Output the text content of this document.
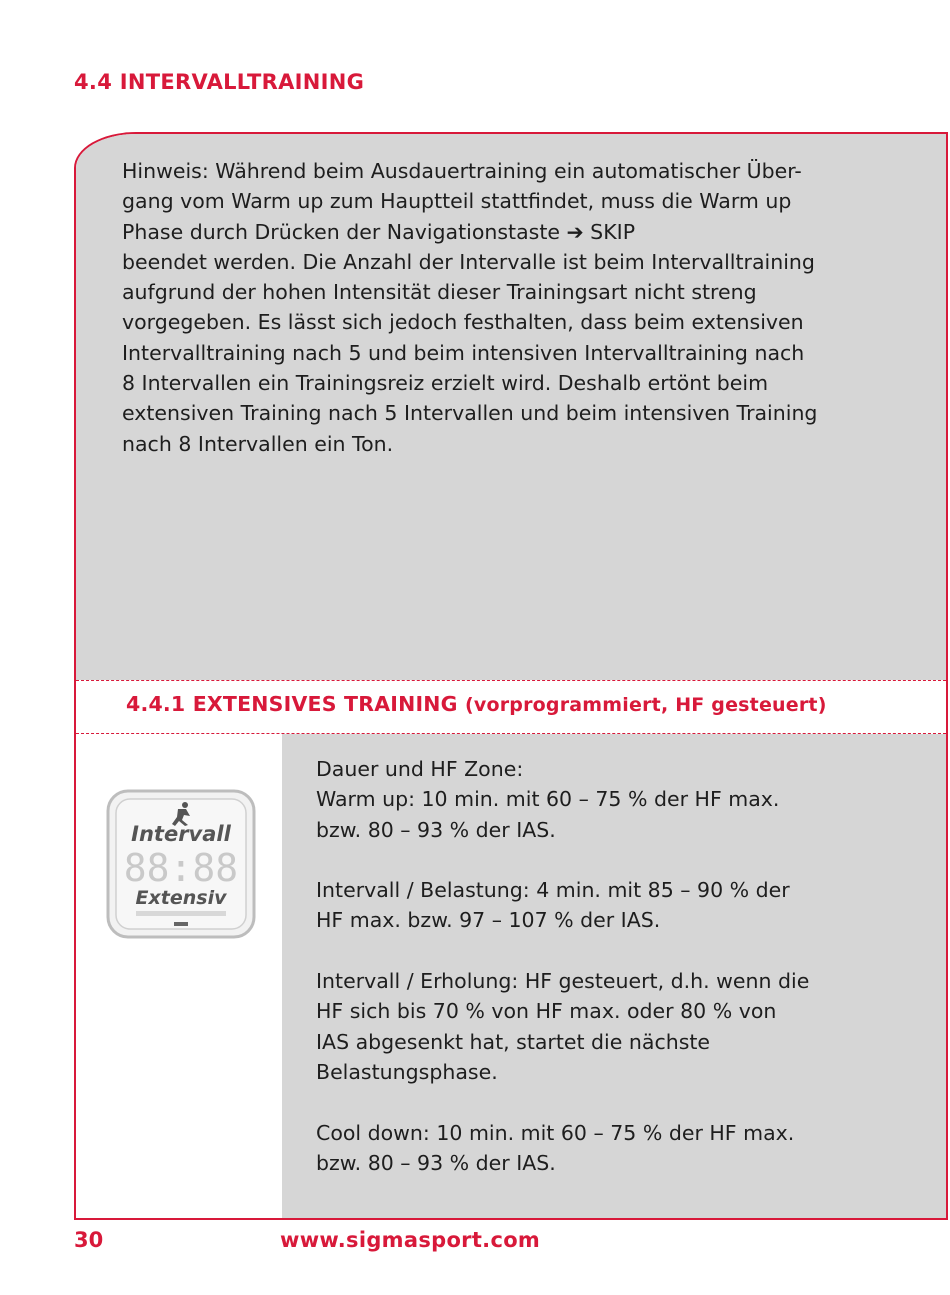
4.4 INTERVALLTRAINING

Hinweis: Während beim Ausdauertraining ein automatischer Über-
gang vom Warm up zum Hauptteil stattfindet, muss die Warm up
Phase durch Drücken der Navigationstaste ➔ SKIP
beendet werden. Die Anzahl der Intervalle ist beim Intervalltraining
aufgrund der hohen Intensität dieser Trainingsart nicht streng
vorgegeben. Es lässt sich jedoch festhalten, dass beim extensiven
Intervalltraining nach 5 und beim intensiven Intervalltraining nach
8 Intervallen ein Trainingsreiz erzielt wird. Deshalb ertönt beim
extensiven Training nach 5 Intervallen und beim intensiven Training
nach 8 Intervallen ein Ton.

4.4.1 EXTENSIVES TRAINING (vorprogrammiert, HF gesteuert)
Intervall
88:88
Extensiv
Dauer und HF Zone:
Warm up: 10 min. mit 60 – 75 % der HF max.
bzw. 80 – 93 % der IAS.
Intervall / Belastung: 4 min. mit 85 – 90 % der
HF max. bzw. 97 – 107 % der IAS.
Intervall / Erholung: HF gesteuert, d.h. wenn die
HF sich bis 70 % von HF max. oder 80 % von
IAS abgesenkt hat, startet die nächste
Belastungsphase.
Cool down: 10 min. mit 60 – 75 % der HF max.
bzw. 80 – 93 % der IAS.
30	www.sigmasport.com
